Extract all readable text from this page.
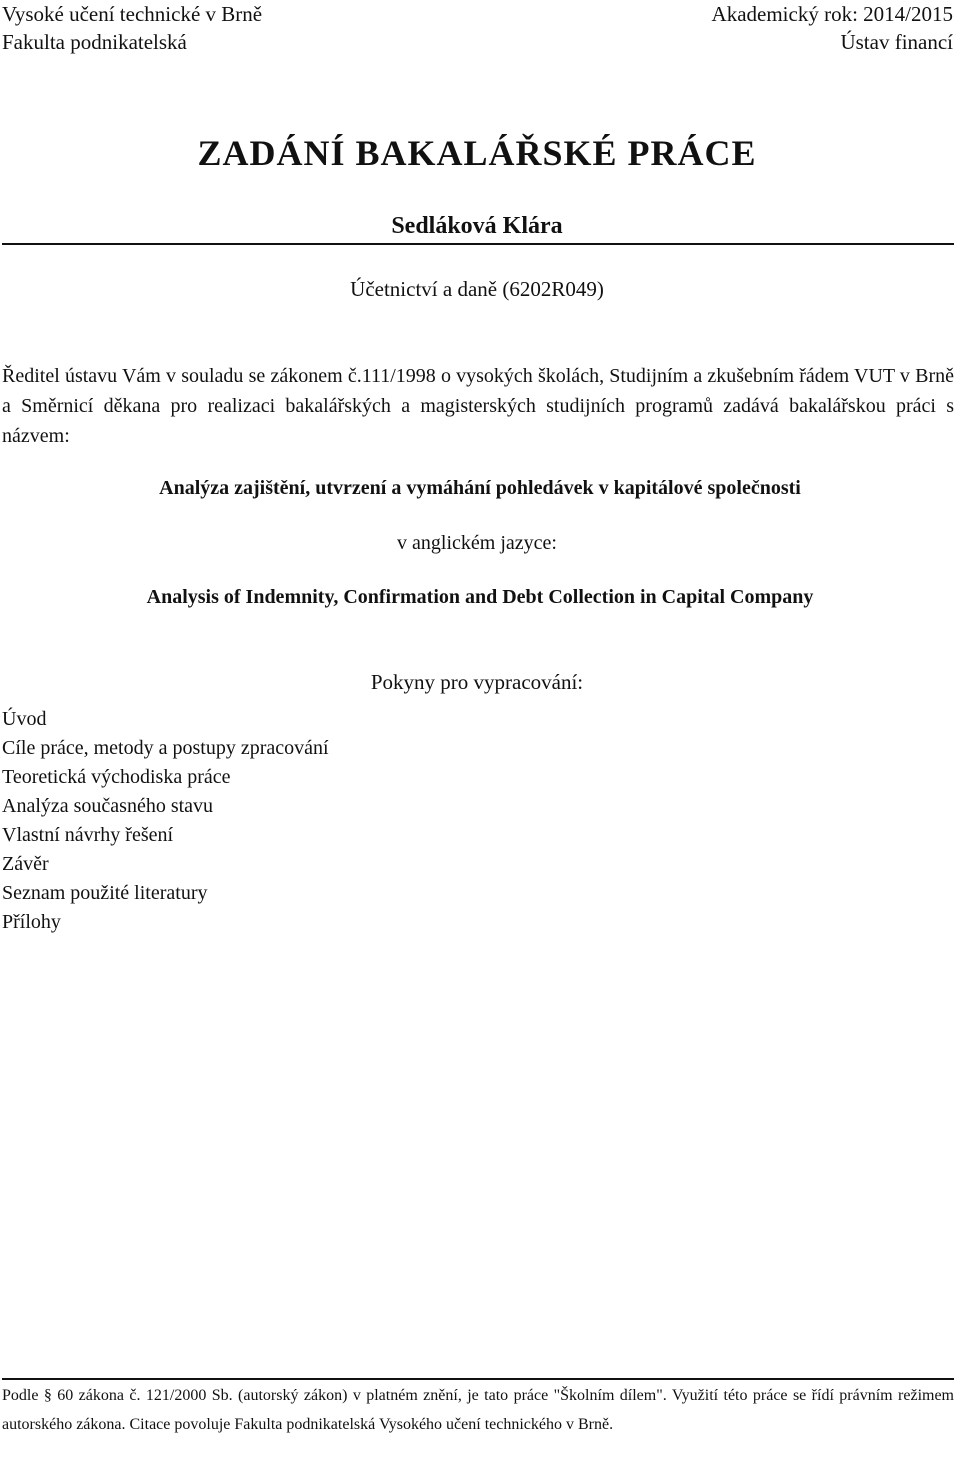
Vysoké učení technické v Brně
Fakulta podnikatelská
Akademický rok: 2014/2015
Ústav financí
ZADÁNÍ BAKALÁŘSKÉ PRÁCE
Sedláková Klára
Účetnictví a daně (6202R049)
Ředitel ústavu Vám v souladu se zákonem č.111/1998 o vysokých školách, Studijním a zkušebním řádem VUT v Brně a Směrnicí děkana pro realizaci bakalářských a magisterských studijních programů zadává bakalářskou práci s názvem:
Analýza zajištění, utvrzení a vymáhání pohledávek v kapitálové společnosti
v anglickém jazyce:
Analysis of Indemnity, Confirmation and Debt Collection in Capital Company
Pokyny pro vypracování:
Úvod
Cíle práce, metody a postupy zpracování
Teoretická východiska práce
Analýza současného stavu
Vlastní návrhy řešení
Závěr
Seznam použité literatury
Přílohy
Podle § 60 zákona č. 121/2000 Sb. (autorský zákon) v platném znění, je tato práce "Školním dílem". Využití této práce se řídí právním režimem autorského zákona. Citace povoluje Fakulta podnikatelská Vysokého učení technického v Brně.
